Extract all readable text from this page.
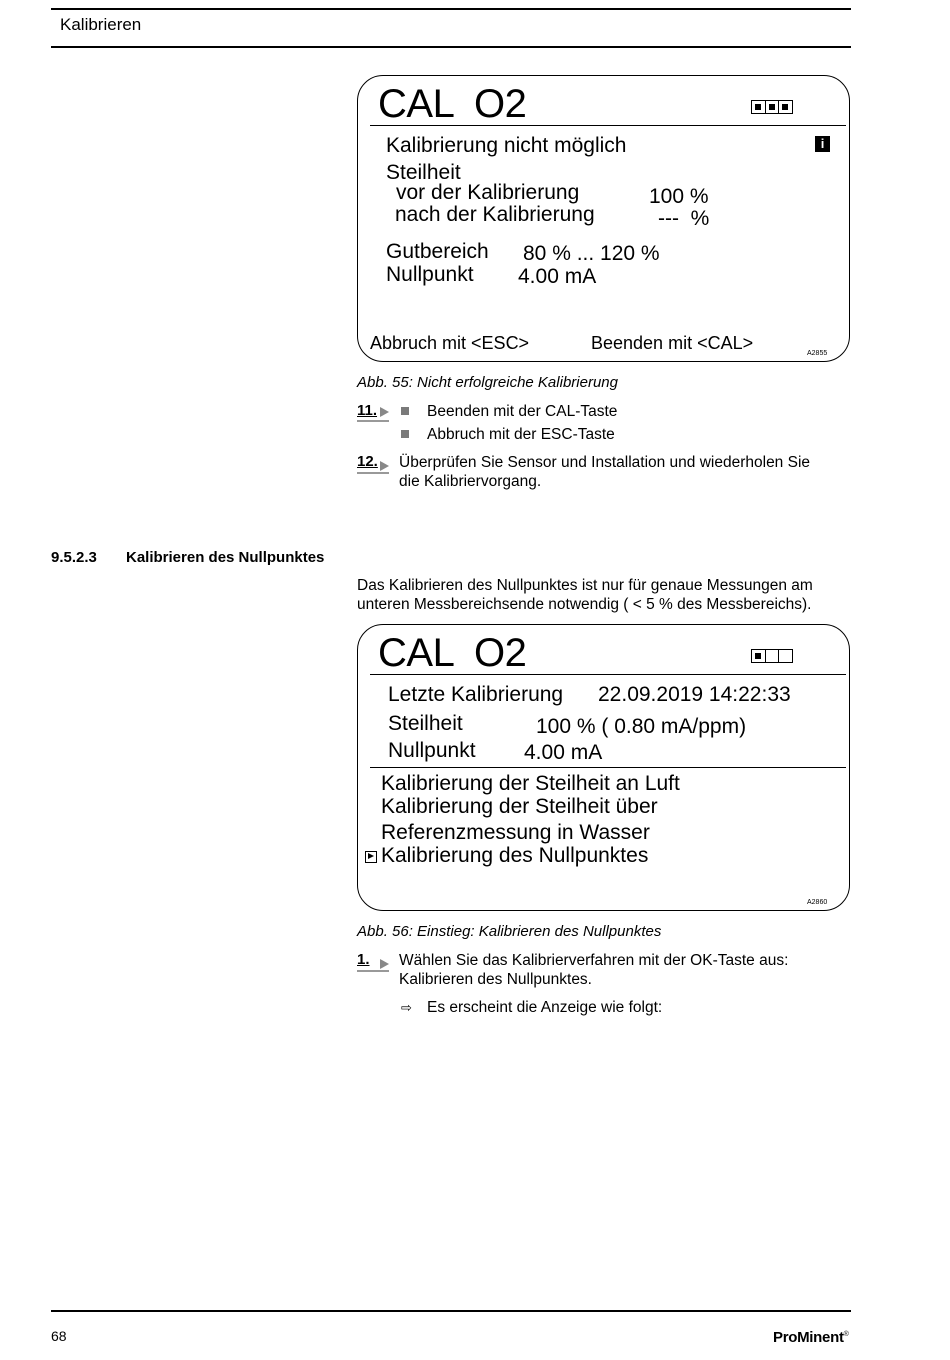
Kalibrieren
CAL  O2
i
Kalibrierung nicht möglich
Steilheit
vor der Kalibrierung	100 %
nach der Kalibrierung	---  %
Gutbereich 80 % ... 120 %
Nullpunkt 4.00 mA
Abbruch mit <ESC>	Beenden mit <CAL>
A2855
Abb. 55: Nicht erfolgreiche Kalibrierung
11.	Beenden mit der CAL-Taste
Abbruch mit der ESC-Taste
12. Überprüfen Sie Sensor und Installation und wiederholen Sie
die Kalibriervorgang.
9.5.2.3 Kalibrieren des Nullpunktes
Das Kalibrieren des Nullpunktes ist nur für genaue Messungen am
unteren Messbereichsende notwendig ( < 5 % des Messbereichs).
CAL  O2
Letzte Kalibrierung 22.09.2019 14:22:33
Steilheit	100 % ( 0.80 mA/ppm)
Nullpunkt 4.00 mA
Kalibrierung der Steilheit an Luft
Kalibrierung der Steilheit über
Referenzmessung in Wasser
Kalibrierung des Nullpunktes
A2860
Abb. 56: Einstieg: Kalibrieren des Nullpunktes
1. Wählen Sie das Kalibrierverfahren mit der OK-Taste aus:
Kalibrieren des Nullpunktes.
⇨ Es erscheint die Anzeige wie folgt:
68	ProMinent®
